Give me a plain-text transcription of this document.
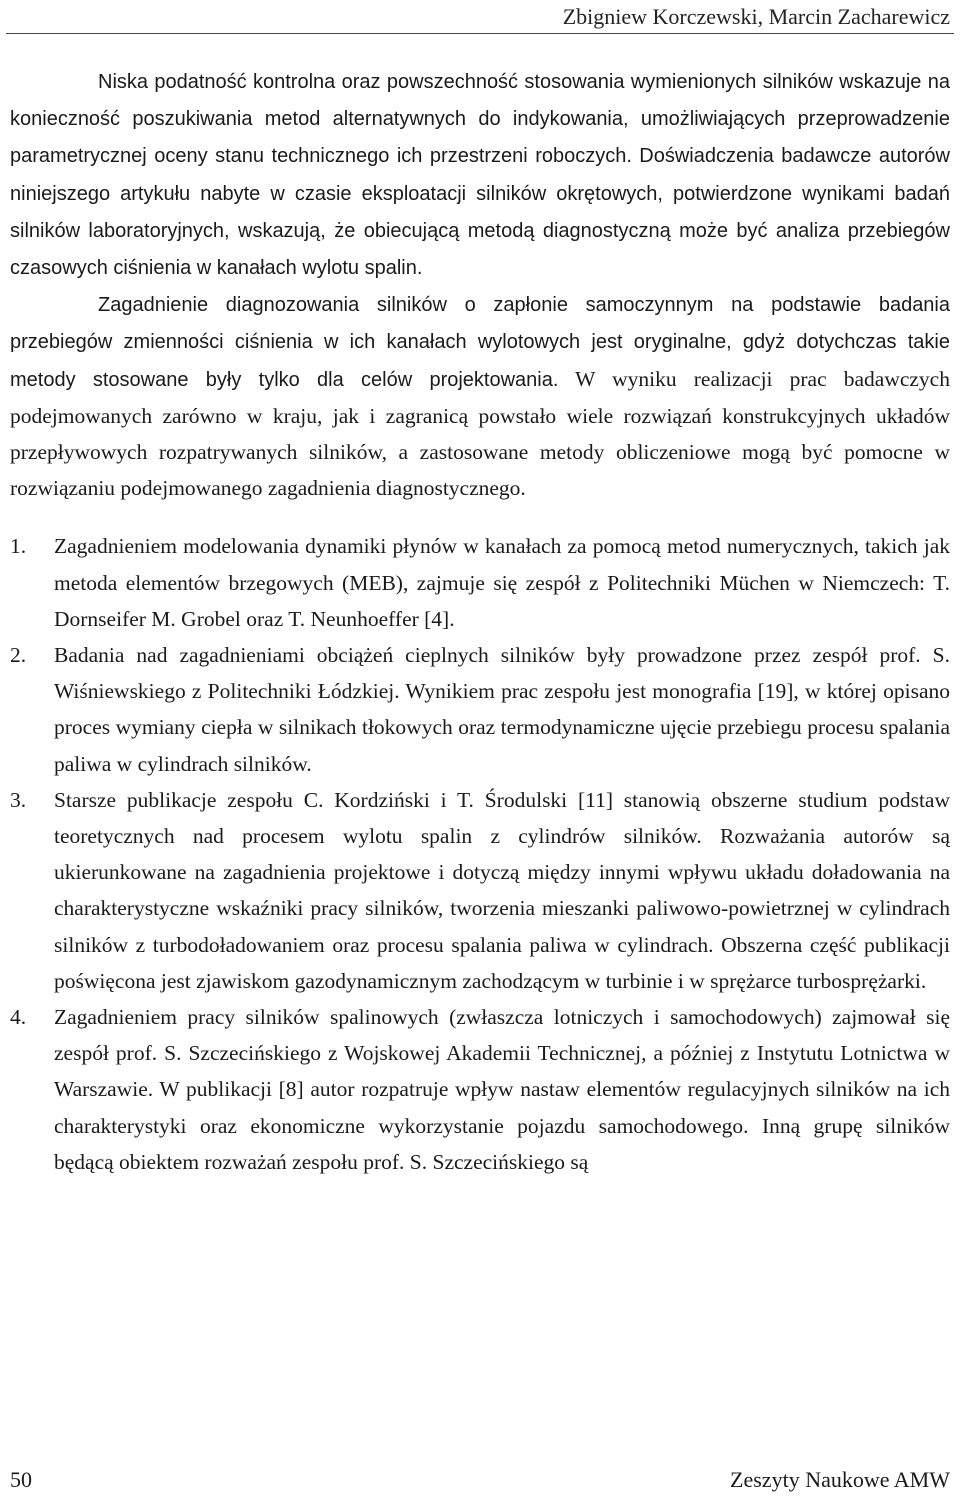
Zbigniew Korczewski, Marcin Zacharewicz

Niska podatność kontrolna oraz powszechność stosowania wymienionych silników wskazuje na konieczność poszukiwania metod alternatywnych do indykowania, umożliwiających przeprowadzenie parametrycznej oceny stanu technicznego ich przestrzeni roboczych. Doświadczenia badawcze autorów niniejszego artykułu nabyte w czasie eksploatacji silników okrętowych, potwierdzone wynikami badań silników laboratoryjnych, wskazują, że obiecującą metodą diagnostyczną może być analiza przebiegów czasowych ciśnienia w kanałach wylotu spalin.

Zagadnienie diagnozowania silników o zapłonie samoczynnym na podstawie badania przebiegów zmienności ciśnienia w ich kanałach wylotowych jest oryginalne, gdyż dotychczas takie metody stosowane były tylko dla celów projektowania. W wyniku realizacji prac badawczych podejmowanych zarówno w kraju, jak i zagranicą powstało wiele rozwiązań konstrukcyjnych układów przepływowych rozpatrywanych silników, a zastosowane metody obliczeniowe mogą być pomocne w rozwiązaniu podejmowanego zagadnienia diagnostycznego.

1. Zagadnieniem modelowania dynamiki płynów w kanałach za pomocą metod numerycznych, takich jak metoda elementów brzegowych (MEB), zajmuje się zespół z Politechniki Müchen w Niemczech: T. Dornseifer M. Grobel oraz T. Neunhoeffer [4].
2. Badania nad zagadnieniami obciążeń cieplnych silników były prowadzone przez zespół prof. S. Wiśniewskiego z Politechniki Łódzkiej. Wynikiem prac zespołu jest monografia [19], w której opisano proces wymiany ciepła w silnikach tłokowych oraz termodynamiczne ujęcie przebiegu procesu spalania paliwa w cylindrach silników.
3. Starsze publikacje zespołu C. Kordziński i T. Środulski [11] stanowią obszerne studium podstaw teoretycznych nad procesem wylotu spalin z cylindrów silników. Rozważania autorów są ukierunkowane na zagadnienia projektowe i dotyczą między innymi wpływu układu doładowania na charakterystyczne wskaźniki pracy silników, tworzenia mieszanki paliwowo-powietrznej w cylindrach silników z turbodoładowaniem oraz procesu spalania paliwa w cylindrach. Obszerna część publikacji poświęcona jest zjawiskom gazodynamicznym zachodzącym w turbinie i w sprężarce turbosprężarki.
4. Zagadnieniem pracy silników spalinowych (zwłaszcza lotniczych i samochodowych) zajmował się zespół prof. S. Szczecińskiego z Wojskowej Akademii Technicznej, a później z Instytutu Lotnictwa w Warszawie. W publikacji [8] autor rozpatruje wpływ nastaw elementów regulacyjnych silników na ich charakterystyki oraz ekonomiczne wykorzystanie pojazdu samochodowego. Inną grupę silników będącą obiektem rozważań zespołu prof. S. Szczecińskiego są
50	Zeszyty Naukowe AMW
